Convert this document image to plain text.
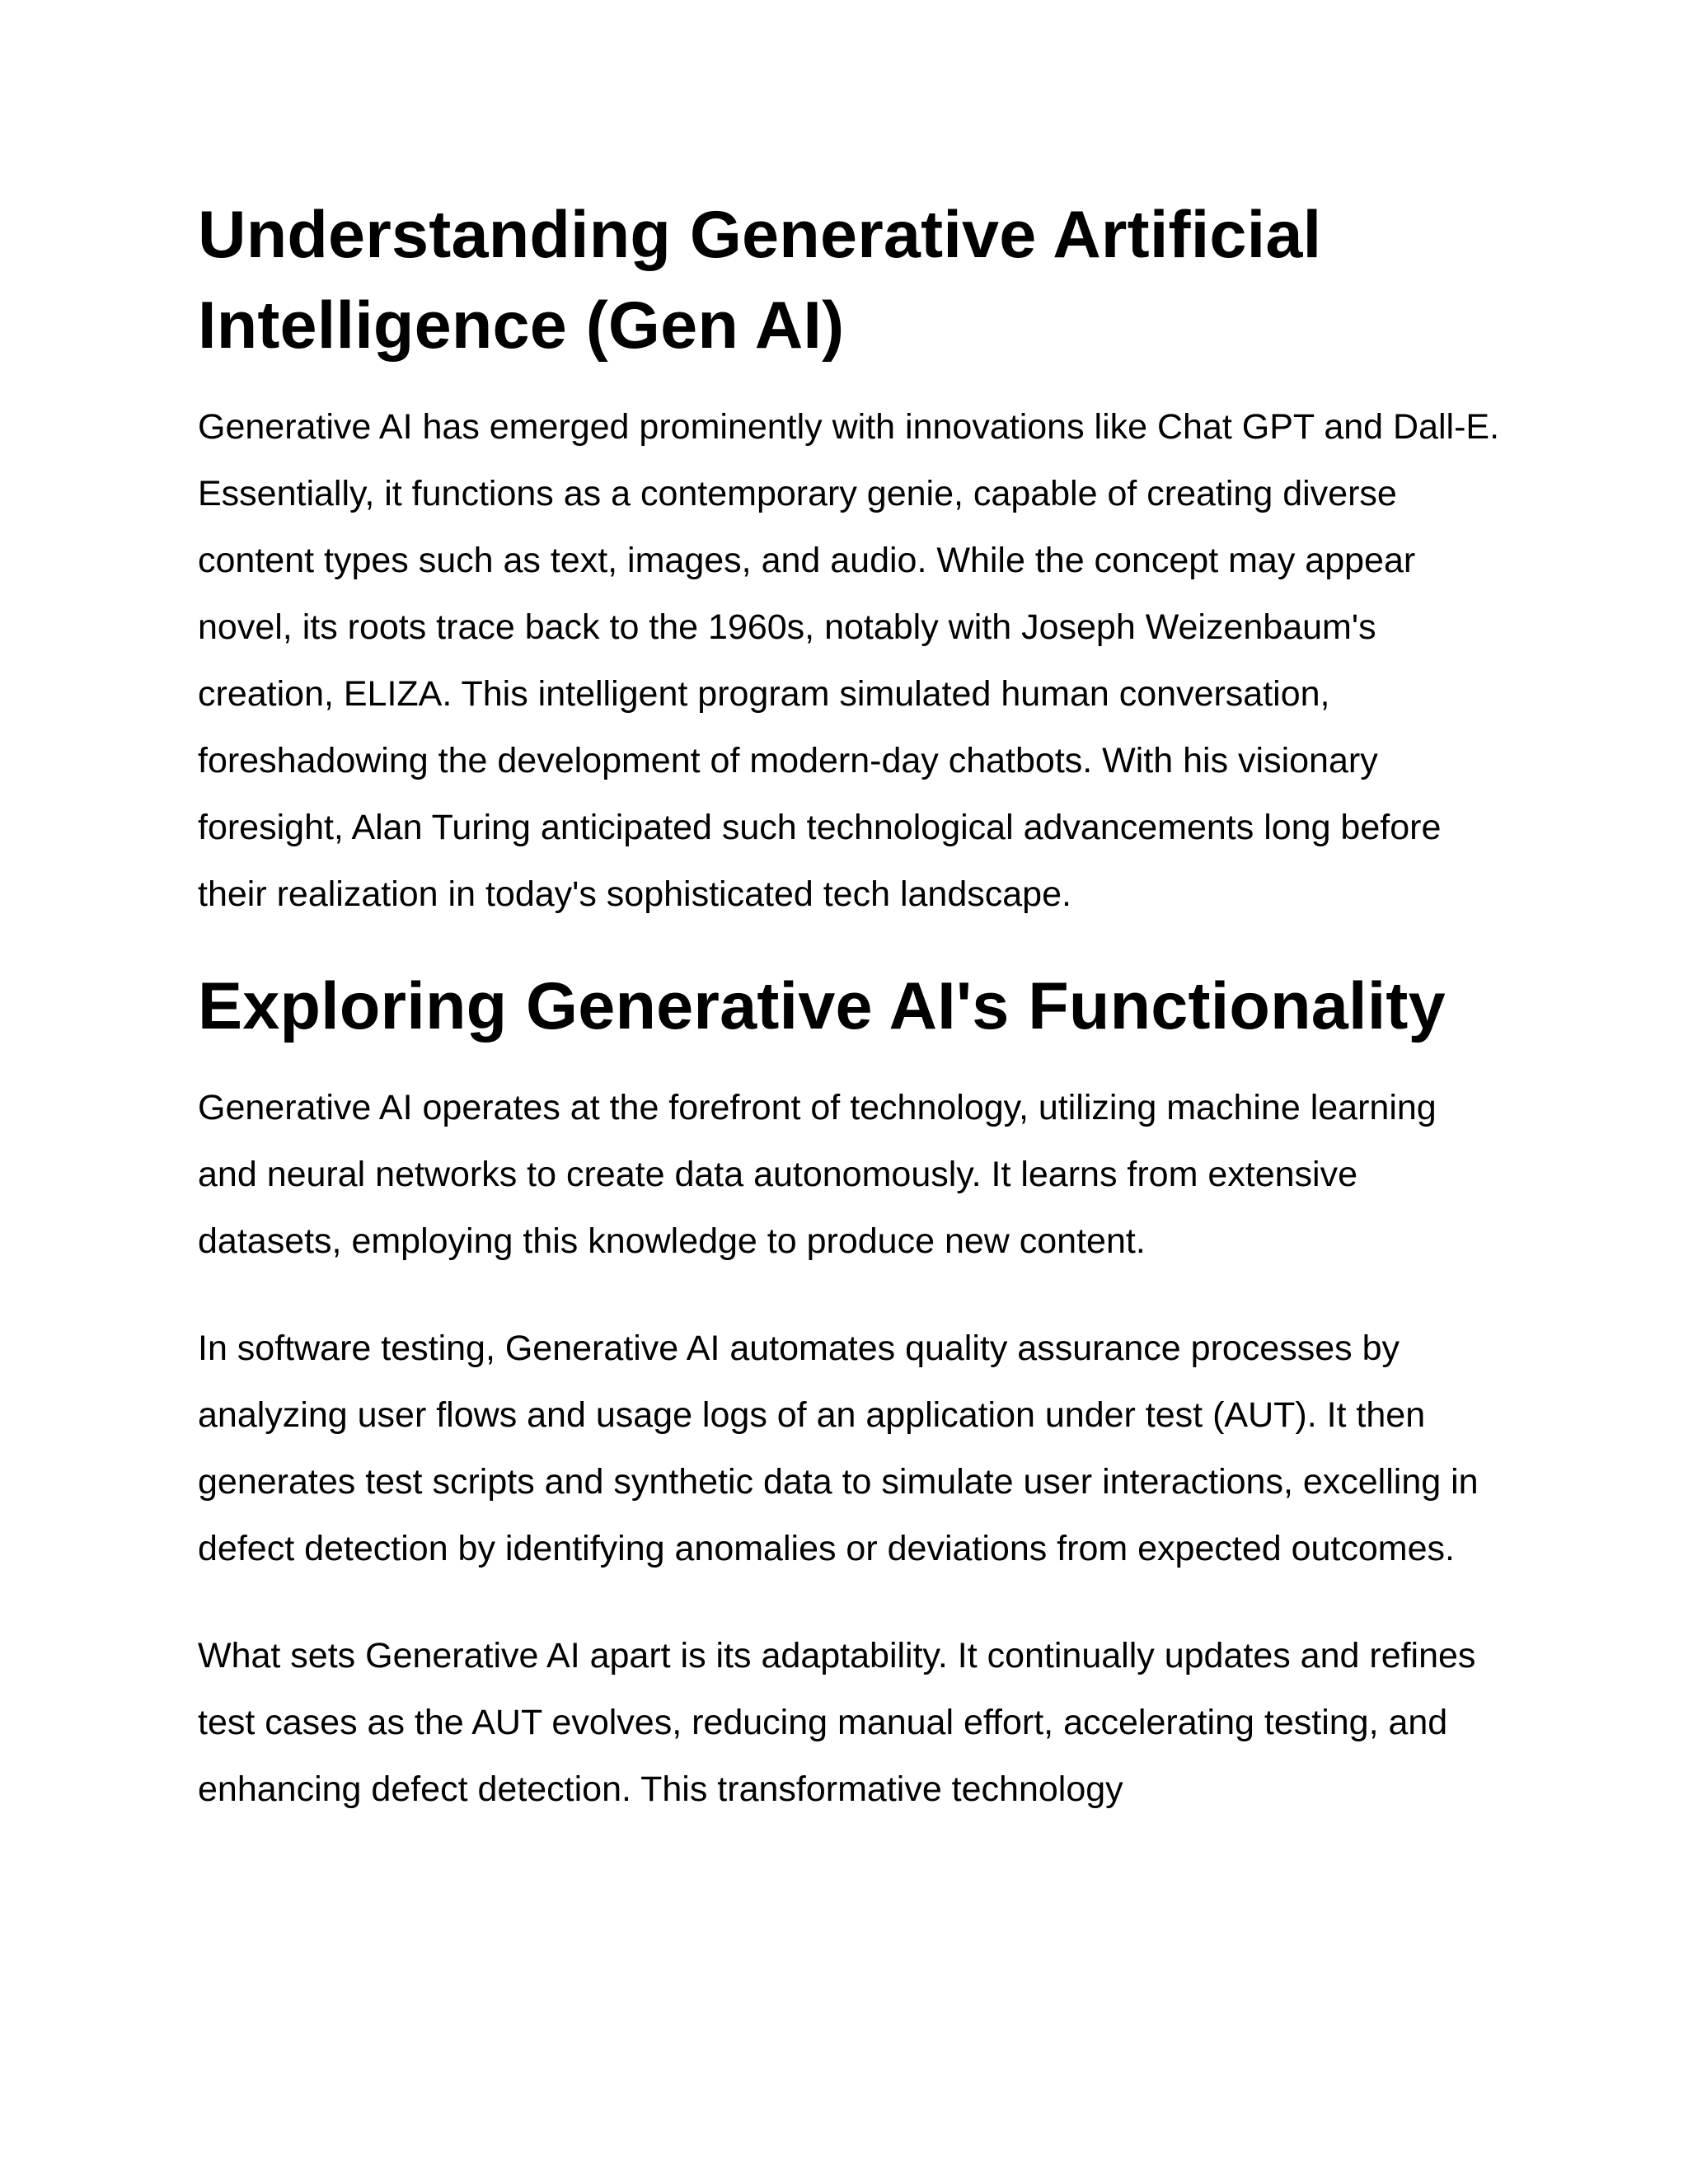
Understanding Generative Artificial Intelligence (Gen AI)

Generative AI has emerged prominently with innovations like Chat GPT and Dall-E. Essentially, it functions as a contemporary genie, capable of creating diverse content types such as text, images, and audio. While the concept may appear novel, its roots trace back to the 1960s, notably with Joseph Weizenbaum's creation, ELIZA. This intelligent program simulated human conversation, foreshadowing the development of modern-day chatbots. With his visionary foresight, Alan Turing anticipated such technological advancements long before their realization in today's sophisticated tech landscape.

Exploring Generative AI's Functionality

Generative AI operates at the forefront of technology, utilizing machine learning and neural networks to create data autonomously. It learns from extensive datasets, employing this knowledge to produce new content.

In software testing, Generative AI automates quality assurance processes by analyzing user flows and usage logs of an application under test (AUT). It then generates test scripts and synthetic data to simulate user interactions, excelling in defect detection by identifying anomalies or deviations from expected outcomes.

What sets Generative AI apart is its adaptability. It continually updates and refines test cases as the AUT evolves, reducing manual effort, accelerating testing, and enhancing defect detection. This transformative technology
